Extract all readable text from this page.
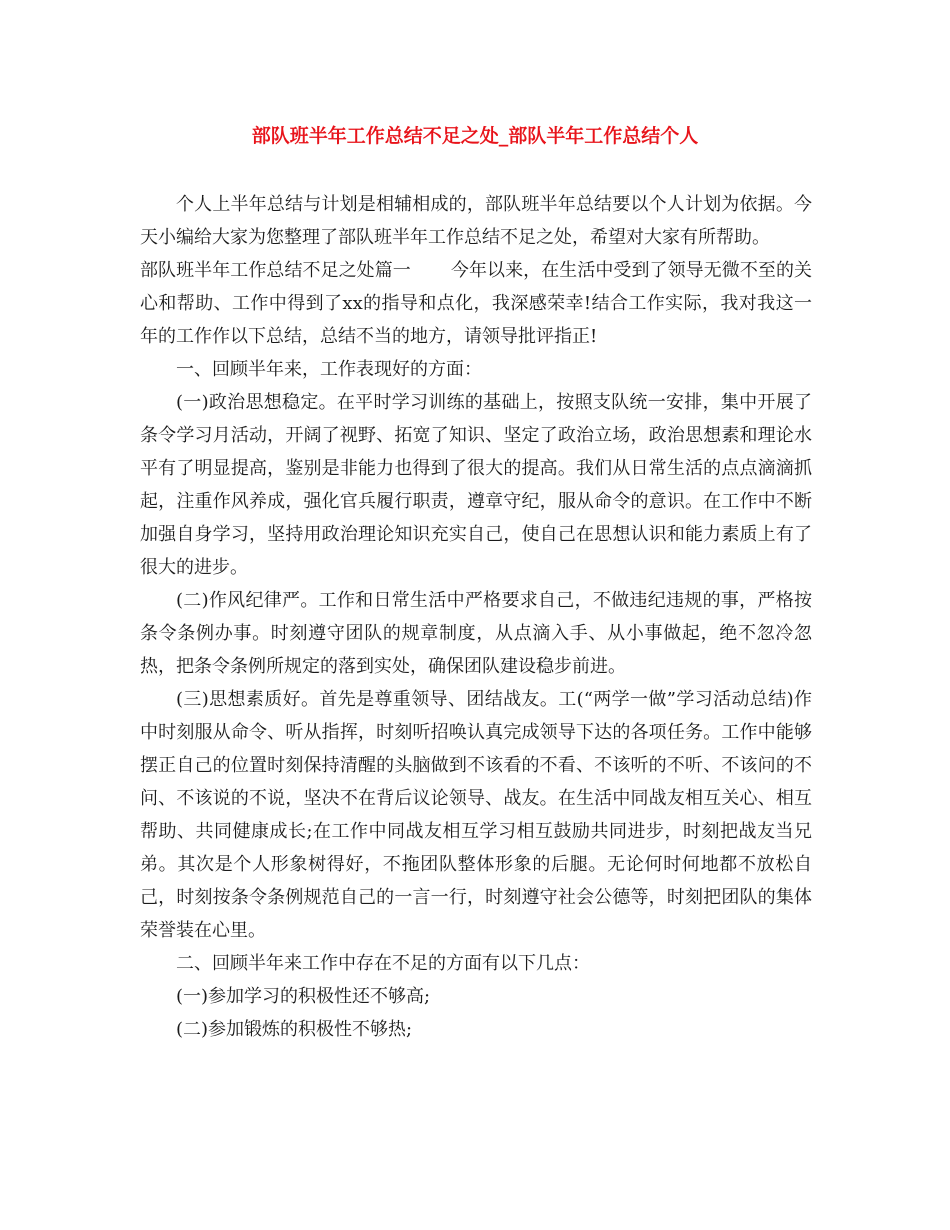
部队班半年工作总结不足之处_部队半年工作总结个人

个人上半年总结与计划是相辅相成的，部队班半年总结要以个人计划为依据。今天小编给大家为您整理了部队班半年工作总结不足之处，希望对大家有所帮助。

部队班半年工作总结不足之处篇一 今年以来，在生活中受到了领导无微不至的关心和帮助、工作中得到了xx的指导和点化，我深感荣幸!结合工作实际，我对我这一年的工作作以下总结，总结不当的地方，请领导批评指正!

一、回顾半年来，工作表现好的方面：

(一)政治思想稳定。在平时学习训练的基础上，按照支队统一安排，集中开展了条令学习月活动，开阔了视野、拓宽了知识、坚定了政治立场，政治思想素和理论水平有了明显提高，鉴别是非能力也得到了很大的提高。我们从日常生活的点点滴滴抓起，注重作风养成，强化官兵履行职责，遵章守纪，服从命令的意识。在工作中不断加强自身学习，坚持用政治理论知识充实自己，使自己在思想认识和能力素质上有了很大的进步。

(二)作风纪律严。工作和日常生活中严格要求自己，不做违纪违规的事，严格按条令条例办事。时刻遵守团队的规章制度，从点滴入手、从小事做起，绝不忽冷忽热，把条令条例所规定的落到实处，确保团队建设稳步前进。

(三)思想素质好。首先是尊重领导、团结战友。工(“两学一做”学习活动总结)作中时刻服从命令、听从指挥，时刻听招唤认真完成领导下达的各项任务。工作中能够摆正自己的位置时刻保持清醒的头脑做到不该看的不看、不该听的不听、不该问的不问、不该说的不说，坚决不在背后议论领导、战友。在生活中同战友相互关心、相互帮助、共同健康成长;在工作中同战友相互学习相互鼓励共同进步，时刻把战友当兄弟。其次是个人形象树得好，不拖团队整体形象的后腿。无论何时何地都不放松自己，时刻按条令条例规范自己的一言一行，时刻遵守社会公德等，时刻把团队的集体荣誉装在心里。

二、回顾半年来工作中存在不足的方面有以下几点：

(一)参加学习的积极性还不够高;

(二)参加锻炼的积极性不够热;
